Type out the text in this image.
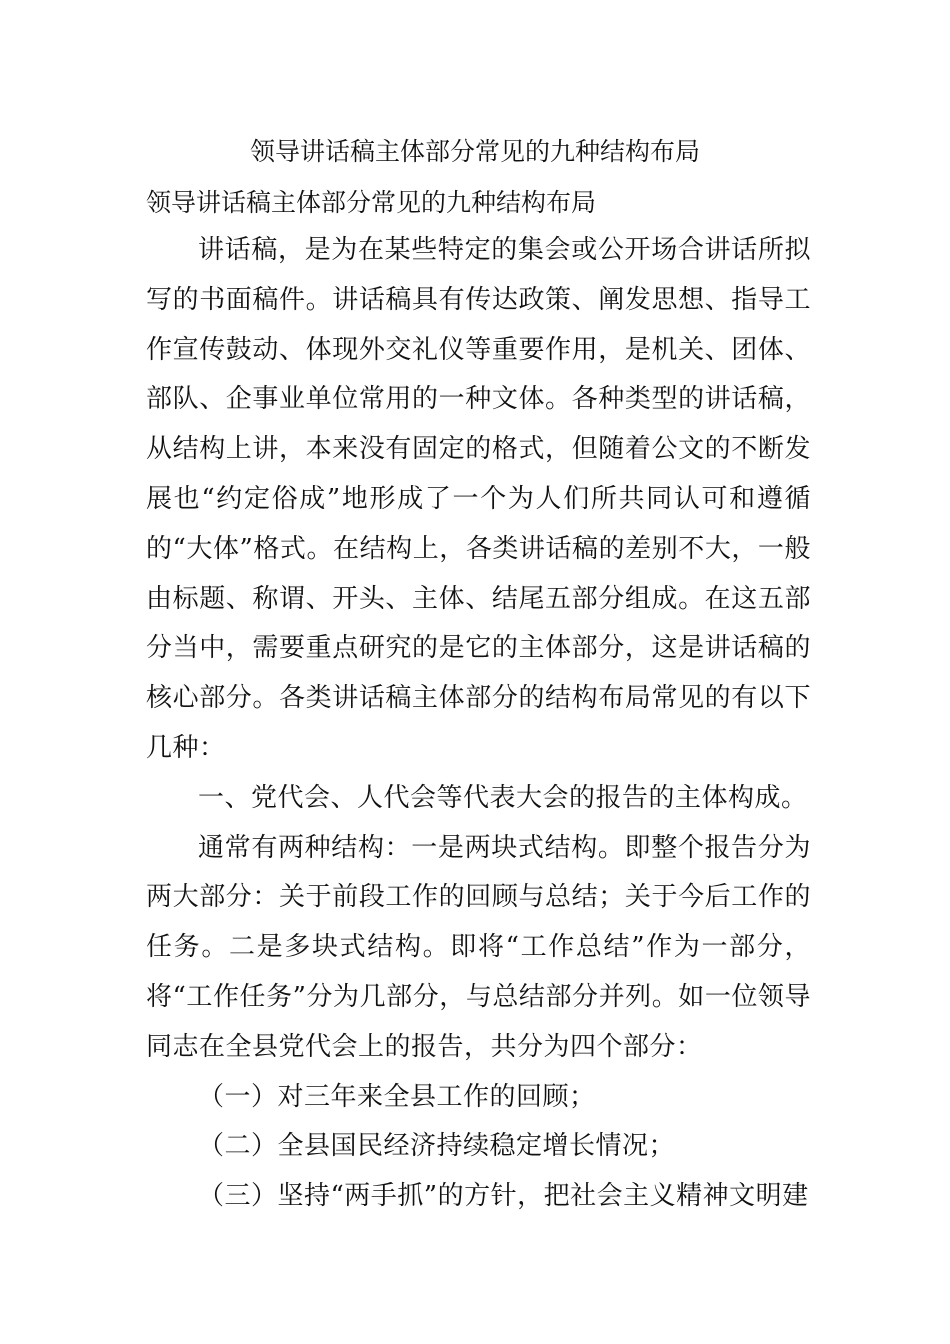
领导讲话稿主体部分常见的九种结构布局

领导讲话稿主体部分常见的九种结构布局

讲话稿，是为在某些特定的集会或公开场合讲话所拟写的书面稿件。讲话稿具有传达政策、阐发思想、指导工作宣传鼓动、体现外交礼仪等重要作用，是机关、团体、部队、企事业单位常用的一种文体。各种类型的讲话稿，从结构上讲，本来没有固定的格式，但随着公文的不断发展也“约定俗成”地形成了一个为人们所共同认可和遵循的“大体”格式。在结构上，各类讲话稿的差别不大，一般由标题、称谓、开头、主体、结尾五部分组成。在这五部分当中，需要重点研究的是它的主体部分，这是讲话稿的核心部分。各类讲话稿主体部分的结构布局常见的有以下几种：

一、党代会、人代会等代表大会的报告的主体构成。

通常有两种结构：一是两块式结构。即整个报告分为两大部分：关于前段工作的回顾与总结；关于今后工作的任务。二是多块式结构。即将“工作总结”作为一部分，将“工作任务”分为几部分，与总结部分并列。如一位领导同志在全县党代会上的报告，共分为四个部分：

（一）对三年来全县工作的回顾；

（二）全县国民经济持续稳定增长情况；

（三）坚持“两手抓”的方针，把社会主义精神文明建
